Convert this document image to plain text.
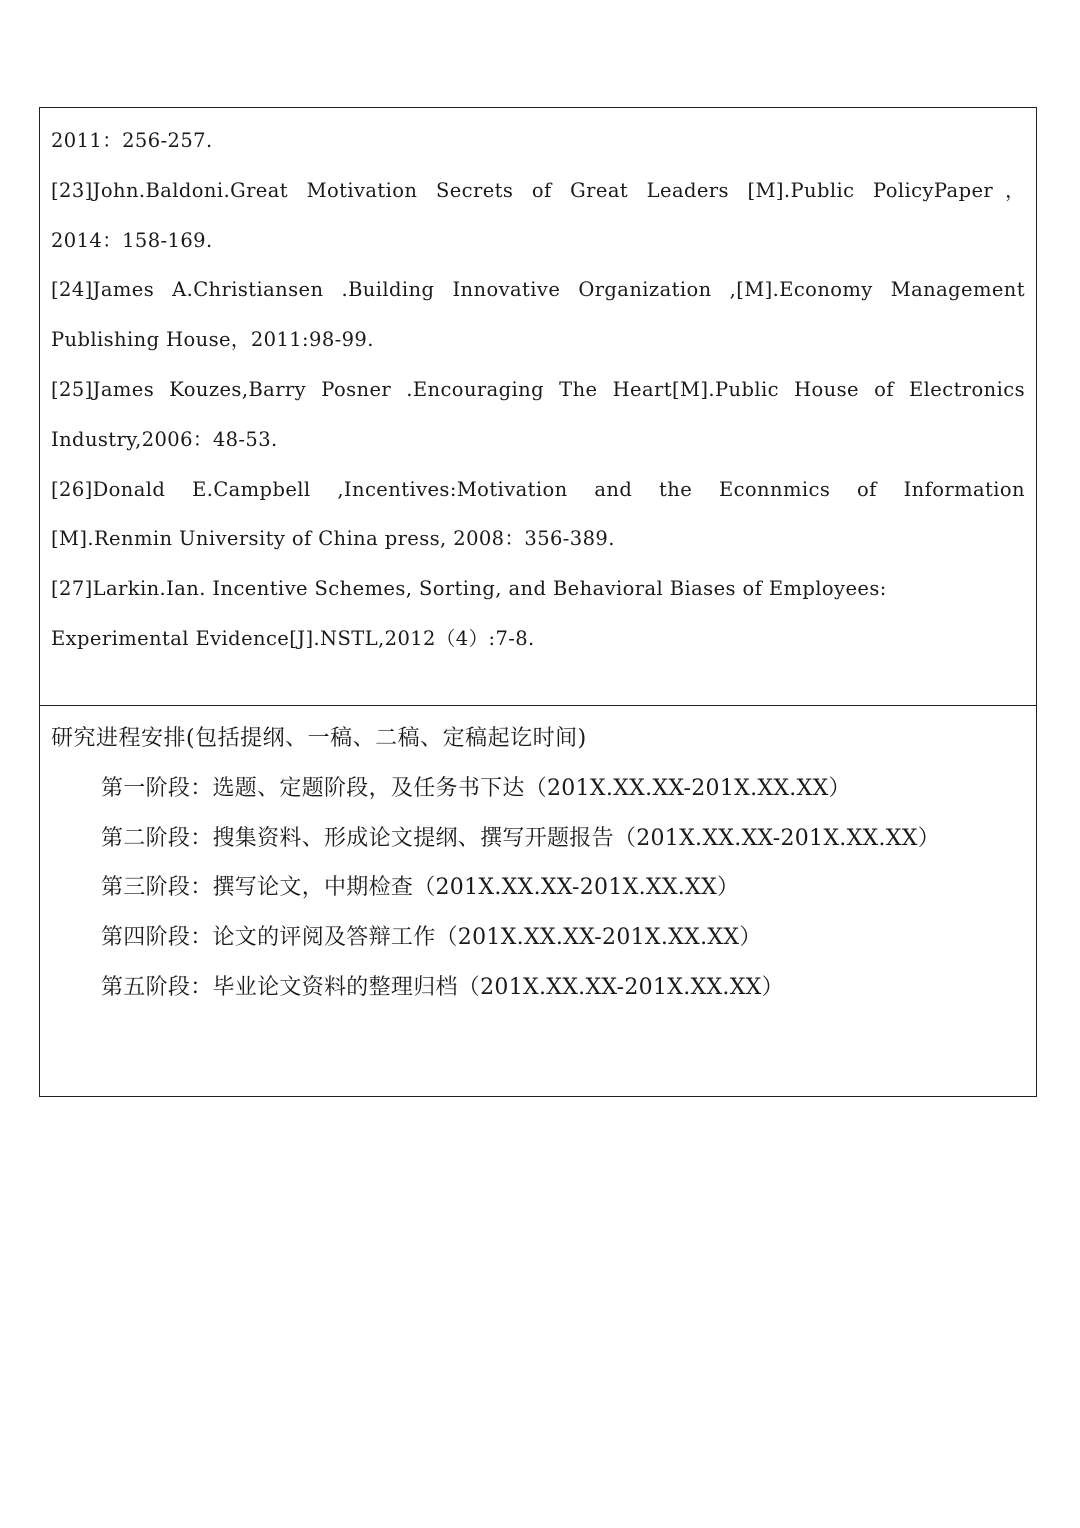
2011：256-257.
[23]John.Baldoni.Great Motivation Secrets of Great Leaders [M].Public PolicyPaper，
2014：158-169.
[24]James A.Christiansen .Building Innovative Organization ,[M].Economy Management
Publishing House，2011:98-99.
[25]James Kouzes,Barry Posner .Encouraging The Heart[M].Public House of Electronics
Industry,2006：48-53.
[26]Donald E.Campbell ,Incentives:Motivation and the Econnmics of Information
[M].Renmin University of China press, 2008：356-389.
[27]Larkin.Ian. Incentive Schemes, Sorting, and Behavioral Biases of Employees:
Experimental Evidence[J].NSTL,2012（4）:7-8.
研究进程安排(包括提纲、一稿、二稿、定稿起讫时间)
第一阶段：选题、定题阶段，及任务书下达（201X.XX.XX-201X.XX.XX）
第二阶段：搜集资料、形成论文提纲、撰写开题报告（201X.XX.XX-201X.XX.XX）
第三阶段：撰写论文，中期检查（201X.XX.XX-201X.XX.XX）
第四阶段：论文的评阅及答辩工作（201X.XX.XX-201X.XX.XX）
第五阶段：毕业论文资料的整理归档（201X.XX.XX-201X.XX.XX）
